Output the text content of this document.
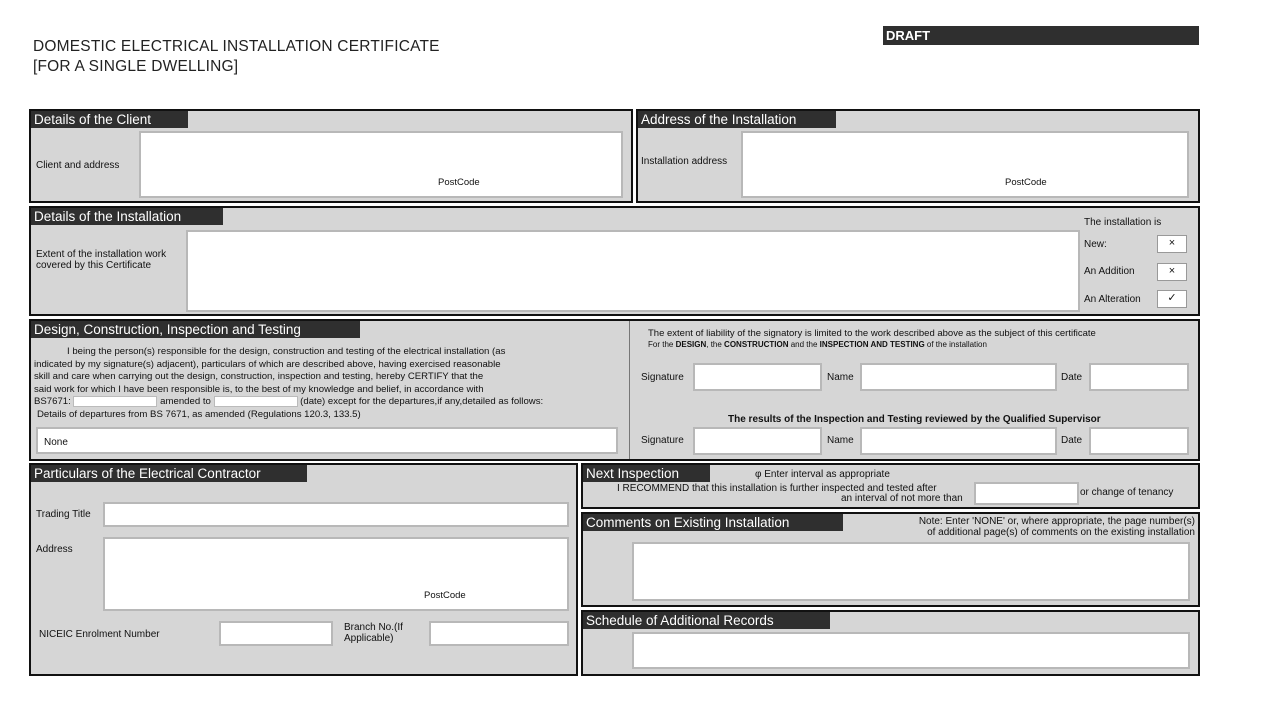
DOMESTIC ELECTRICAL INSTALLATION CERTIFICATE
[FOR A SINGLE DWELLING]
DRAFT
Details of the Client
Client and address
PostCode
Address of the Installation
Installation address
PostCode
Details of the Installation
Extent of the installation work
covered by this Certificate
The installation is
New:	×
An Addition	×
An Alteration	✓
Design, Construction, Inspection and Testing
I being the person(s) responsible for the design, construction and testing of the electrical installation (as
indicated by my signature(s) adjacent), particulars of which are described above, having exercised reasonable
skill and care when carrying out the design, construction, inspection and testing, hereby CERTIFY that the
said work for which I have been responsible is, to the best of my knowledge and belief, in accordance with
BS7671:	amended to	(date) except for the departures,if any,detailed as follows:
Details of departures from BS 7671, as amended (Regulations 120.3, 133.5)
None
The extent of liability of the signatory is limited to the work described above as the subject of this certificate
For the DESIGN, the CONSTRUCTION and the INSPECTION AND TESTING of the installation
Signature	Name	Date
The results of the Inspection and Testing reviewed by the Qualified Supervisor
Signature	Name	Date
Particulars of the Electrical Contractor
Trading Title
Address
PostCode
NICEIC Enrolment Number
Branch No.(If
Applicable)
Next Inspection	φ Enter interval as appropriate
I RECOMMEND that this installation is further inspected and tested after
an interval of not more than
or change of tenancy
Comments on Existing Installation	Note: Enter 'NONE' or, where appropriate, the page number(s)
of additional page(s) of comments on the existing installation
Schedule of Additional Records
